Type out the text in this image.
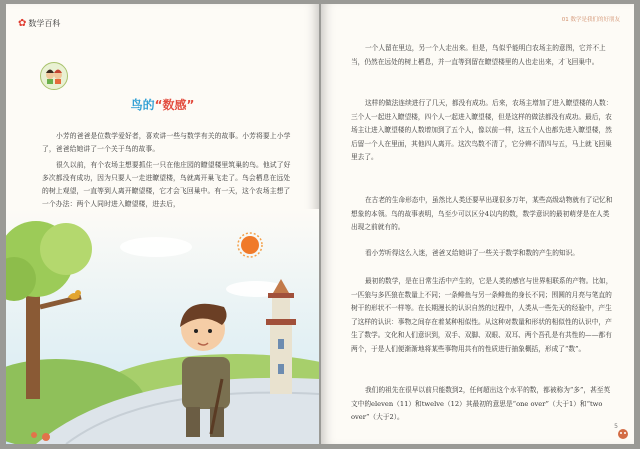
✿ 数学百科
鸟的“数感”

小芳的爸爸是位数学爱好者，喜欢讲一些与数学有关的故事。小芳将要上小学了，爸爸给她讲了一个关于鸟的故事。

很久以前，有个农场主想要抓住一只在他庄园的瞭望楼里筑巢的鸟。他试了好多次都没有成功，因为只要人一走进瞭望楼，鸟就离开巢飞走了。鸟会栖息在远处的树上观望，一直等到人离开瞭望楼，它才会飞回巢中。有一天，这个农场主想了一个办法：两个人同时进入瞭望楼，进去后，

01 数学是我们的好朋友

一个人留在里边，另一个人走出来。但是，鸟似乎能明白农场主的意图，它并不上当，仍然在远处的树上栖息，并一直等到留在瞭望楼里的人也走出来，才飞回巢中。

这样的做法连续进行了几天，都没有成功。后来，农场主增加了进入瞭望楼的人数：三个人一起进入瞭望楼，四个人一起进入瞭望楼，但是这样的做法都没有成功。最后，农场主让进入瞭望楼的人数增加到了五个人，像以前一样，这五个人也都先进入瞭望楼，然后留一个人在里面，其他四人离开。这次鸟数不清了，它分辨不清四与五，马上就飞回巢里去了。

在古老的生命形态中，虽然比人类还要早出现很多万年，某些高级动物就有了记忆和想象的本领。鸟的故事表明，鸟至少可以区分4以内的数，数学意识的最初萌芽是在人类出现之前就有的。

看小芳听得这么入迷，爸爸又给她讲了一些关于数学和数的产生的知识。

最初的数学，是在日常生活中产生的，它是人类的感官与世界相联系的产物。比如，一匹狼与多匹狼在数量上不同；一条鲱鱼与另一条鲱鱼的身长不同；围圆的月亮与笔直的树干的形状不一样等。在长期漫长的认识自然的过程中，人类从一些先天的经验中，产生了这样的认识：事物之间存在着某种相似性。从这种对数量和形状的相似性的认识中，产生了数学。文化和人们意识到，双手、双脚、双眼、双耳、两个吾孔是有共性的——都有两个，于是人们便渐渐地将某些事物用共有的性质进行抽象概括，形成了“数”。

我们的祖先在很早以前只能数到2，任何超出这个水平的数，都被称为“多”，甚至英文中的eleven（11）和twelve（12）其最初的意思是“one over”（大于1）和“two over”（大于2）。

5
